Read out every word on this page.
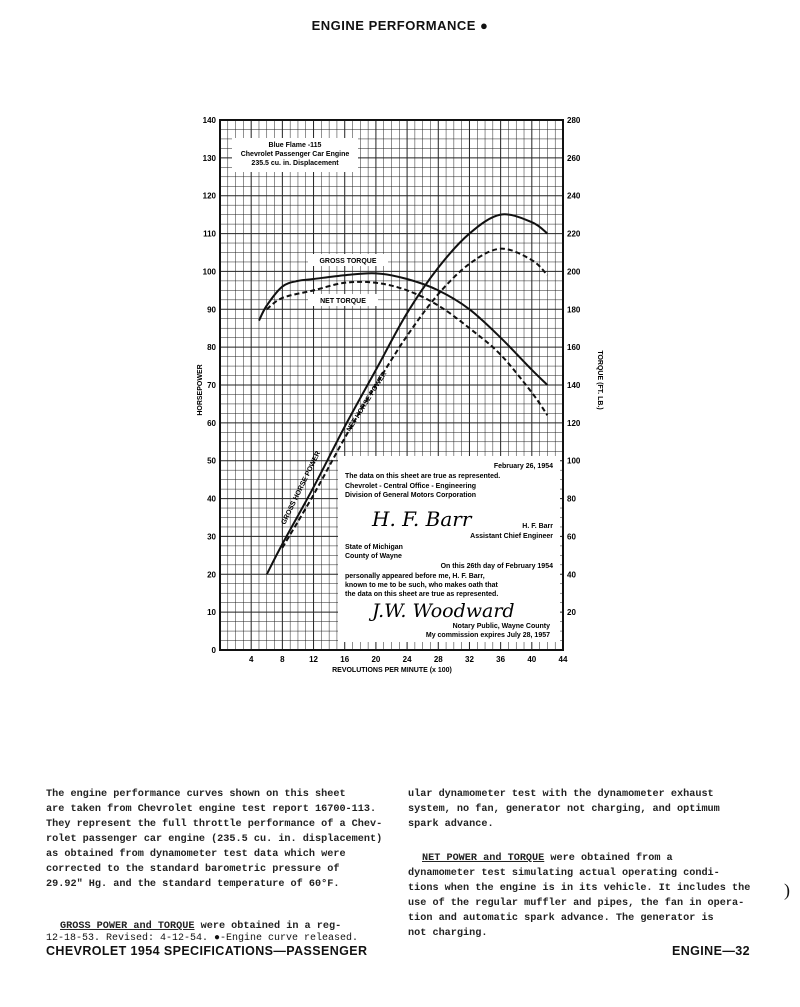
ENGINE PERFORMANCE ●
0
10
20
30
40
50
60
70
80
90
100
110
120
130
140
20
40
60
80
100
120
140
160
180
200
220
240
260
280
4	8	12	16	20	24	28	32	36	40	44
Blue Flame -115
Chevrolet Passenger Car Engine
235.5 cu. in. Displacement
GROSS TORQUE
NET TORQUE
GROSS HORSE POWER
NET HORSE POWER
HORSEPOWER	TORQUE (FT. LB.)
REVOLUTIONS PER MINUTE (x 100)
February 26, 1954
The data on this sheet are true as represented.
Chevrolet - Central Office - Engineering
Division of General Motors Corporation
H. F. Barr	H. F. Barr
Assistant Chief Engineer
State of Michigan
County of Wayne
On this 26th day of February 1954
personally appeared before me, H. F. Barr,
known to me to be such, who makes oath that
the data on this sheet are true as represented.
J.W. Woodward
Notary Public, Wayne County
My commission expires July 28, 1957
The engine performance curves shown on this sheet
are taken from Chevrolet engine test report 16700-113.
They represent the full throttle performance of a Chev-
rolet passenger car engine (235.5 cu. in. displacement)
as obtained from dynamometer test data which were
corrected to the standard barometric pressure of
29.92" Hg. and the standard temperature of 60°F.
GROSS POWER and TORQUE were obtained in a reg-
12-18-53. Revised: 4-12-54. ●-Engine curve released.
ular dynamometer test with the dynamometer exhaust
system, no fan, generator not charging, and optimum
spark advance.
NET POWER and TORQUE were obtained from a
dynamometer test simulating actual operating condi-
tions when the engine is in its vehicle. It includes the
use of the regular muffler and pipes, the fan in opera-
tion and automatic spark advance. The generator is
not charging.
)
CHEVROLET 1954 SPECIFICATIONS—PASSENGER	ENGINE—32
